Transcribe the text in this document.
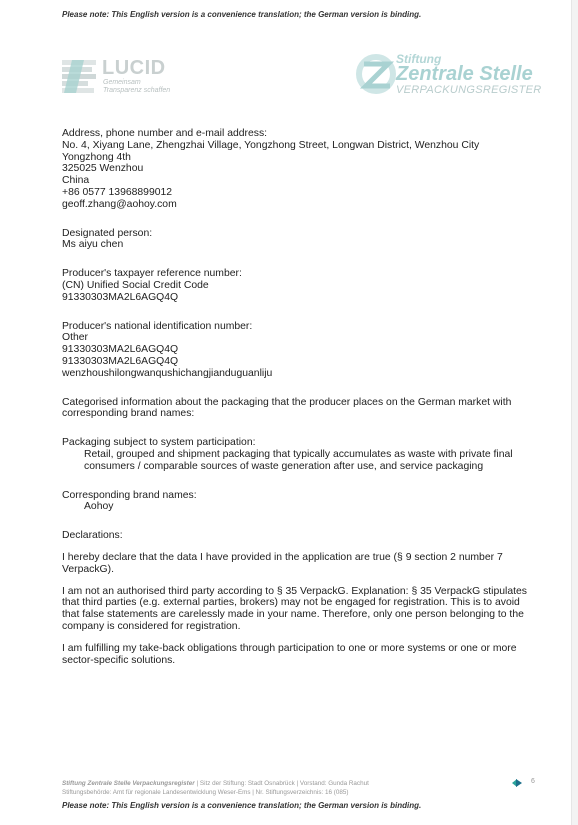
Please note: This English version is a convenience translation; the German version is binding.
LUCID
Gemeinsam
Transparenz schaffen
Stiftung
Zentrale Stelle
VERPACKUNGSREGISTER
Address, phone number and e-mail address:
No. 4, Xiyang Lane, Zhengzhai Village, Yongzhong Street, Longwan District, Wenzhou City
Yongzhong 4th
325025 Wenzhou
China
+86 0577 13968899012
geoff.zhang@aohoy.com
Designated person:
Ms aiyu chen
Producer's taxpayer reference number:
(CN) Unified Social Credit Code
91330303MA2L6AGQ4Q
Producer's national identification number:
Other
91330303MA2L6AGQ4Q
91330303MA2L6AGQ4Q
wenzhoushilongwanqushichangjianduguanliju
Categorised information about the packaging that the producer places on the German market with corresponding brand names:
Packaging subject to system participation:
Retail, grouped and shipment packaging that typically accumulates as waste with private final consumers / comparable sources of waste generation after use, and service packaging
Corresponding brand names:
Aohoy
Declarations:
I hereby declare that the data I have provided in the application are true (§ 9 section 2 number 7 VerpackG).
I am not an authorised third party according to § 35 VerpackG. Explanation: § 35 VerpackG stipulates that third parties (e.g. external parties, brokers) may not be engaged for registration. This is to avoid that false statements are carelessly made in your name. Therefore, only one person belonging to the company is considered for registration.
I am fulfilling my take-back obligations through participation to one or more systems or one or more sector-specific solutions.
Stiftung Zentrale Stelle Verpackungsregister | Sitz der Stiftung: Stadt Osnabrück | Vorstand: Gunda Rachut
Stiftungsbehörde: Amt für regionale Landesentwicklung Weser-Ems | Nr. Stiftungsverzeichnis: 16 (085)
6
Please note: This English version is a convenience translation; the German version is binding.
